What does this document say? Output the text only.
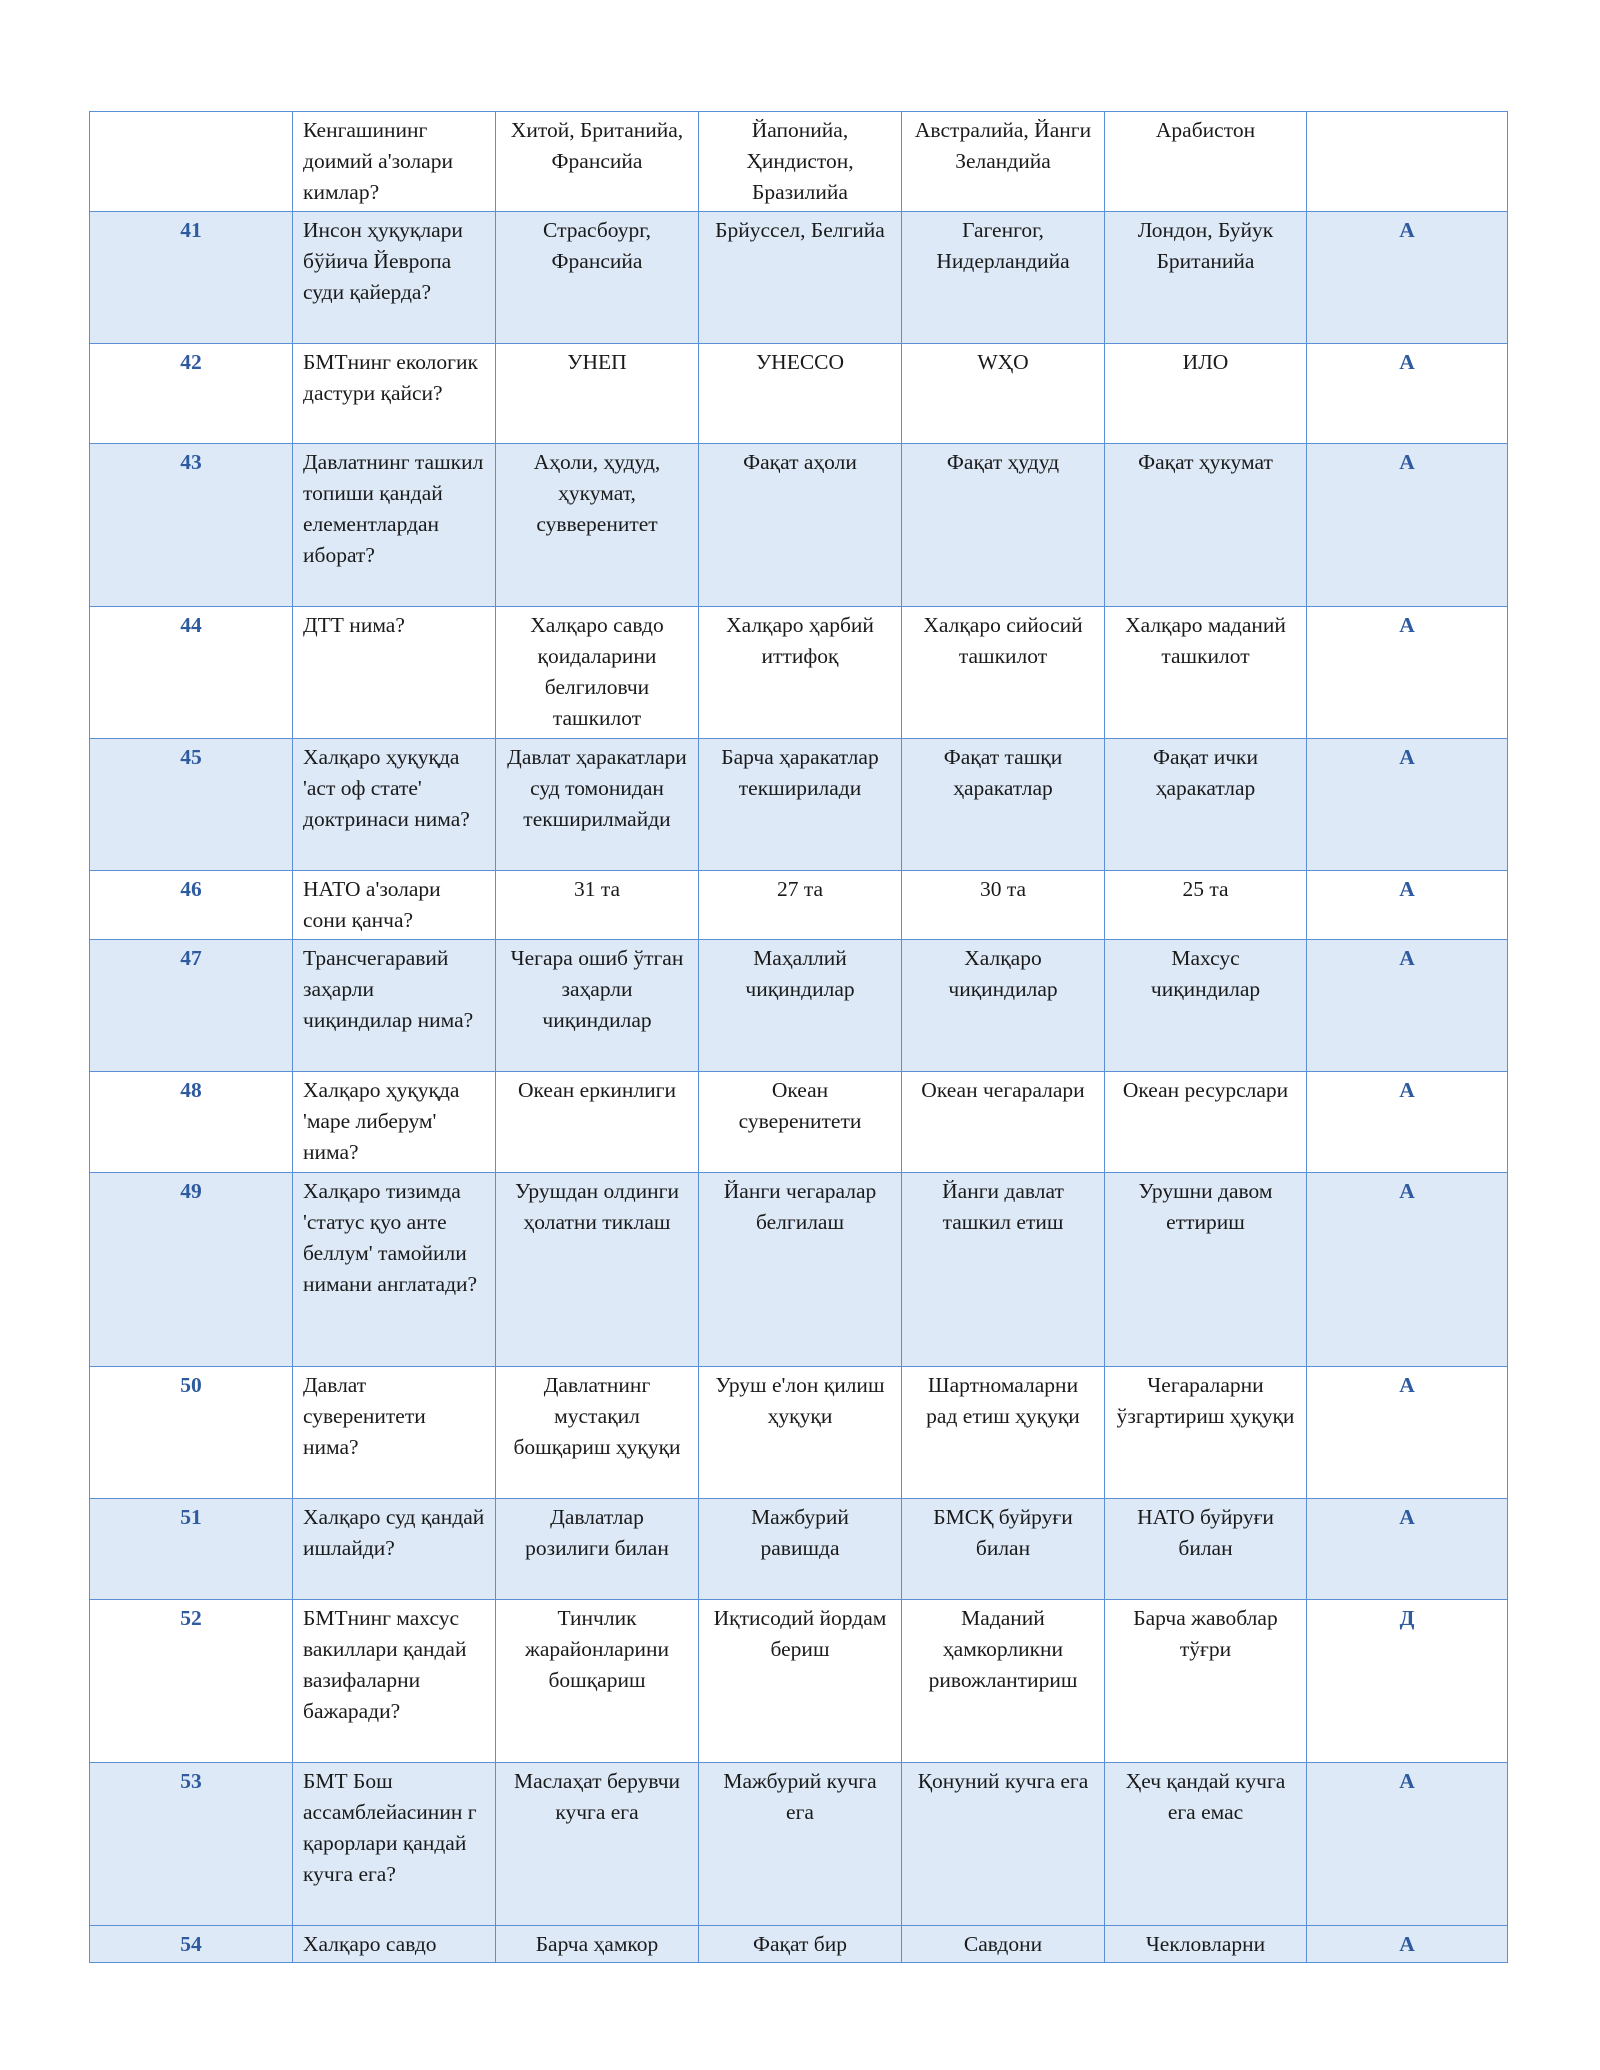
	Кенгашининг доимий а'золари кимлар?	Хитой, Британийа, Франсийа	Йапонийа, Ҳиндистон, Бразилийа	Австралийа, Йанги Зеландийа	Арабистон	
41	Инсон ҳуқуқлари бўйича Йевропа суди қайерда?	Страсбоург, Франсийа	Брйуссел, Белгийа	Гагенгог, Нидерландийа	Лондон, Буйук Британийа	А
42	БМТнинг екологик дастури қайси?	УНЕП	УНЕССО	WҲО	ИЛО	А
43	Давлатнинг ташкил топиши қандай елементлардан иборат?	Аҳоли, ҳудуд, ҳукумат, сувверенитет	Фақат аҳоли	Фақат ҳудуд	Фақат ҳукумат	А
44	ДТТ нима?	Халқаро савдо қоидаларини белгиловчи ташкилот	Халқаро ҳарбий иттифоқ	Халқаро сийосий ташкилот	Халқаро маданий ташкилот	А
45	Халқаро ҳуқуқда 'аст оф стате' доктринаси нима?	Давлат ҳаракатлари суд томонидан текширилмайди	Барча ҳаракатлар текширилади	Фақат ташқи ҳаракатлар	Фақат ички ҳаракатлар	А
46	НАТО а'золари сони қанча?	31 та	27 та	30 та	25 та	А
47	Трансчегаравий заҳарли чиқиндилар нима?	Чегара ошиб ўтган заҳарли чиқиндилар	Маҳаллий чиқиндилар	Халқаро чиқиндилар	Махсус чиқиндилар	А
48	Халқаро ҳуқуқда 'маре либерум' нима?	Океан еркинлиги	Океан суверенитети	Океан чегаралари	Океан ресурслари	А
49	Халқаро тизимда 'статус қуо анте беллум' тамойили нимани англатади?	Урушдан олдинги ҳолатни тиклаш	Йанги чегаралар белгилаш	Йанги давлат ташкил етиш	Урушни давом еттириш	А
50	Давлат суверенитети нима?	Давлатнинг мустақил бошқариш ҳуқуқи	Уруш е'лон қилиш ҳуқуқи	Шартномаларни рад етиш ҳуқуқи	Чегараларни ўзгартириш ҳуқуқи	А
51	Халқаро суд қандай ишлайди?	Давлатлар розилиги билан	Мажбурий равишда	БМСҚ буйруғи билан	НАТО буйруғи билан	А
52	БМТнинг махсус вакиллари қандай вазифаларни бажаради?	Тинчлик жарайонларини бошқариш	Иқтисодий йордам бериш	Маданий ҳамкорликни ривожлантириш	Барча жавоблар тўғри	Д
53	БМТ Бош ассамблейасинин г қарорлари қандай кучга ега?	Маслаҳат берувчи кучга ега	Мажбурий кучга ега	Қонуний кучга ега	Ҳеч қандай кучга ега емас	А
54	Халқаро савдо	Барча ҳамкор	Фақат бир	Савдони	Чекловларни	А
